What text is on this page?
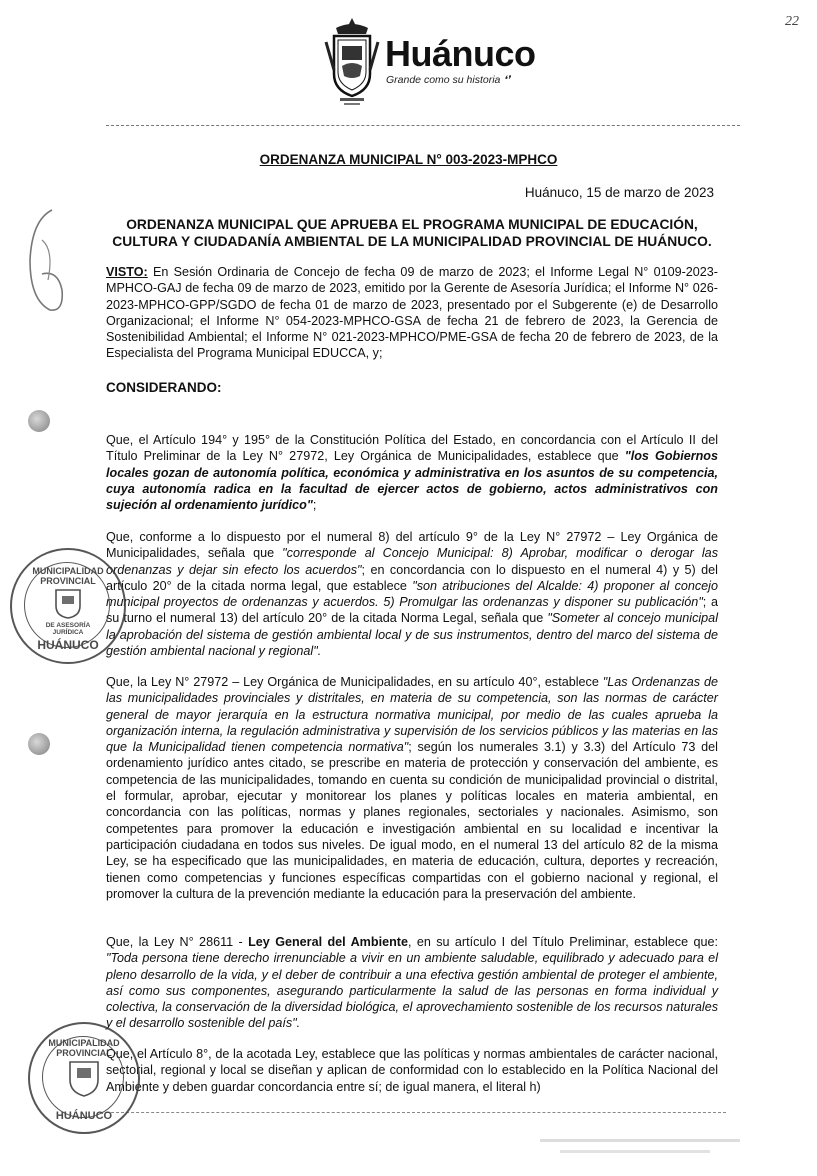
Huánuco
Grande como su historia ❛❜
22
ORDENANZA MUNICIPAL N° 003-2023-MPHCO
Huánuco, 15 de marzo de 2023
ORDENANZA MUNICIPAL QUE APRUEBA EL PROGRAMA MUNICIPAL DE EDUCACIÓN,
CULTURA Y CIUDADANÍA AMBIENTAL DE LA MUNICIPALIDAD PROVINCIAL DE HUÁNUCO.

VISTO: En Sesión Ordinaria de Concejo de fecha 09 de marzo de 2023; el Informe Legal N° 0109-2023-MPHCO-GAJ de fecha 09 de marzo de 2023, emitido por la Gerente de Asesoría Jurídica; el Informe N° 026-2023-MPHCO-GPP/SGDO de fecha 01 de marzo de 2023, presentado por el Subgerente (e) de Desarrollo Organizacional; el Informe N° 054-2023-MPHCO-GSA de fecha 21 de febrero de 2023, la Gerencia de Sostenibilidad Ambiental; el Informe N° 021-2023-MPHCO/PME-GSA de fecha 20 de febrero de 2023, de la Especialista del Programa Municipal EDUCCA, y;

CONSIDERANDO:

Que, el Artículo 194° y 195° de la Constitución Política del Estado, en concordancia con el Artículo II del Título Preliminar de la Ley N° 27972, Ley Orgánica de Municipalidades, establece que "los Gobiernos locales gozan de autonomía política, económica y administrativa en los asuntos de su competencia, cuya autonomía radica en la facultad de ejercer actos de gobierno, actos administrativos con sujeción al ordenamiento jurídico";

Que, conforme a lo dispuesto por el numeral 8) del artículo 9° de la Ley N° 27972 – Ley Orgánica de Municipalidades, señala que "corresponde al Concejo Municipal: 8) Aprobar, modificar o derogar las ordenanzas y dejar sin efecto los acuerdos"; en concordancia con lo dispuesto en el numeral 4) y 5) del artículo 20° de la citada norma legal, que establece "son atribuciones del Alcalde: 4) proponer al concejo municipal proyectos de ordenanzas y acuerdos. 5) Promulgar las ordenanzas y disponer su publicación"; a su turno el numeral 13) del artículo 20° de la citada Norma Legal, señala que "Someter al concejo municipal la aprobación del sistema de gestión ambiental local y de sus instrumentos, dentro del marco del sistema de gestión ambiental nacional y regional".

Que, la Ley N° 27972 – Ley Orgánica de Municipalidades, en su artículo 40°, establece "Las Ordenanzas de las municipalidades provinciales y distritales, en materia de su competencia, son las normas de carácter general de mayor jerarquía en la estructura normativa municipal, por medio de las cuales aprueba la organización interna, la regulación administrativa y supervisión de los servicios públicos y las materias en las que la Municipalidad tienen competencia normativa"; según los numerales 3.1) y 3.3) del Artículo 73 del ordenamiento jurídico antes citado, se prescribe en materia de protección y conservación del ambiente, es competencia de las municipalidades, tomando en cuenta su condición de municipalidad provincial o distrital, el formular, aprobar, ejecutar y monitorear los planes y políticas locales en materia ambiental, en concordancia con las políticas, normas y planes regionales, sectoriales y nacionales. Asimismo, son competentes para promover la educación e investigación ambiental en su localidad e incentivar la participación ciudadana en todos sus niveles. De igual modo, en el numeral 13 del artículo 82 de la misma Ley, se ha especificado que las municipalidades, en materia de educación, cultura, deportes y recreación, tienen como competencias y funciones específicas compartidas con el gobierno nacional y regional, el promover la cultura de la prevención mediante la educación para la preservación del ambiente.

Que, la Ley N° 28611 - Ley General del Ambiente, en su artículo I del Título Preliminar, establece que: "Toda persona tiene derecho irrenunciable a vivir en un ambiente saludable, equilibrado y adecuado para el pleno desarrollo de la vida, y el deber de contribuir a una efectiva gestión ambiental de proteger el ambiente, así como sus componentes, asegurando particularmente la salud de las personas en forma individual y colectiva, la conservación de la diversidad biológica, el aprovechamiento sostenible de los recursos naturales y el desarrollo sostenible del país".

Que, el Artículo 8°, de la acotada Ley, establece que las políticas y normas ambientales de carácter nacional, sectorial, regional y local se diseñan y aplican de conformidad con lo establecido en la Política Nacional del Ambiente y deben guardar concordancia entre sí; de igual manera, el literal h)

MUNICIPALIDAD PROVINCIAL
DE ASESORÍA JURÍDICA
HUÁNUCO
MUNICIPALIDAD PROVINCIAL
HUÁNUCO
